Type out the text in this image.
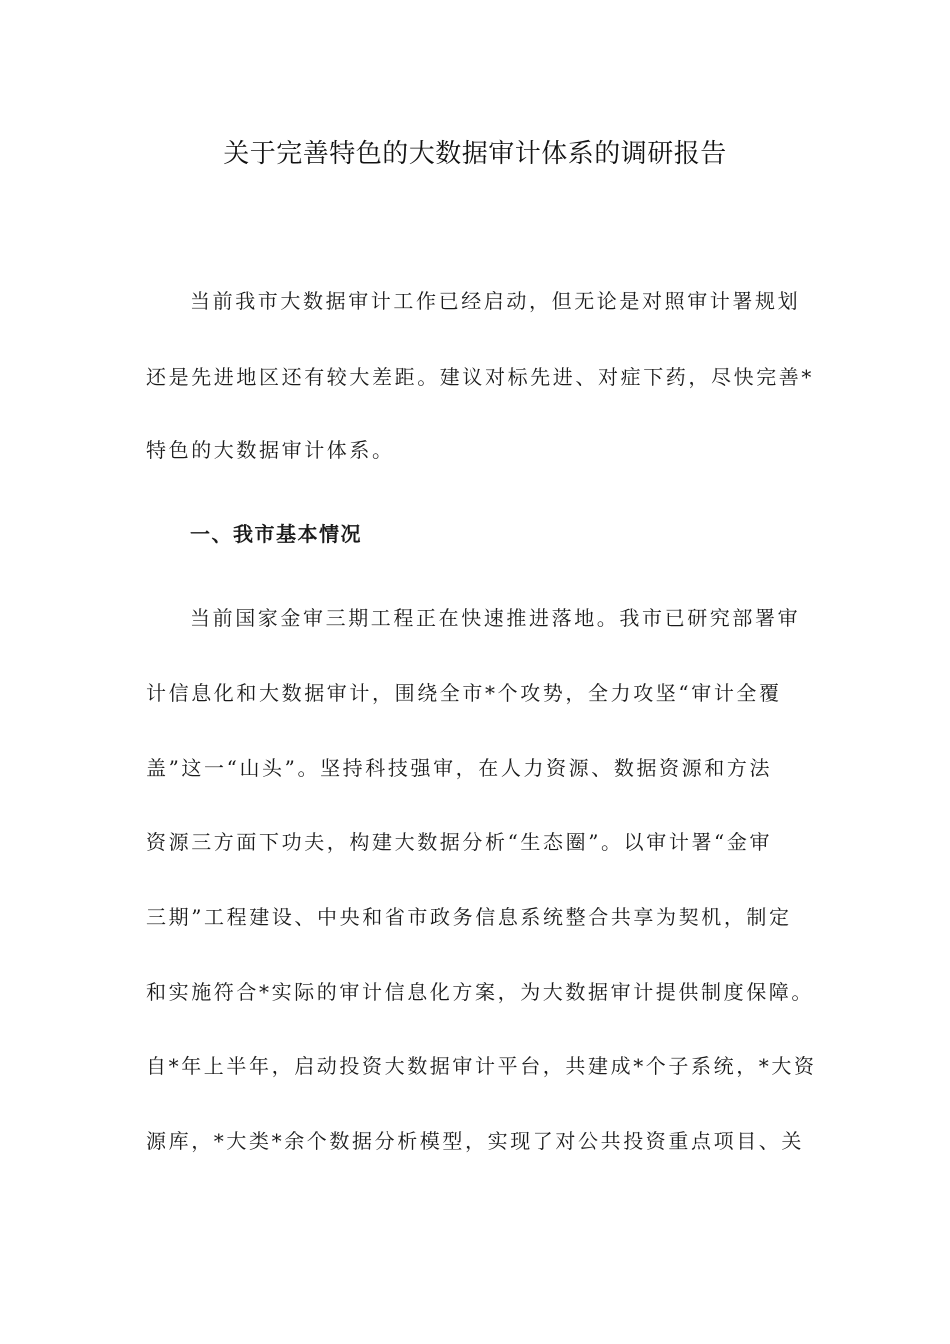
关于完善特色的大数据审计体系的调研报告
当前我市大数据审计工作已经启动，但无论是对照审计署规划
还是先进地区还有较大差距。建议对标先进、对症下药，尽快完善*
特色的大数据审计体系。
一、我市基本情况
当前国家金审三期工程正在快速推进落地。我市已研究部署审
计信息化和大数据审计，围绕全市*个攻势，全力攻坚“审计全覆
盖”这一“山头”。坚持科技强审，在人力资源、数据资源和方法
资源三方面下功夫，构建大数据分析“生态圈”。以审计署“金审
三期”工程建设、中央和省市政务信息系统整合共享为契机，制定
和实施符合*实际的审计信息化方案，为大数据审计提供制度保障。
自*年上半年，启动投资大数据审计平台，共建成*个子系统，*大资
源库，*大类*余个数据分析模型，实现了对公共投资重点项目、关
